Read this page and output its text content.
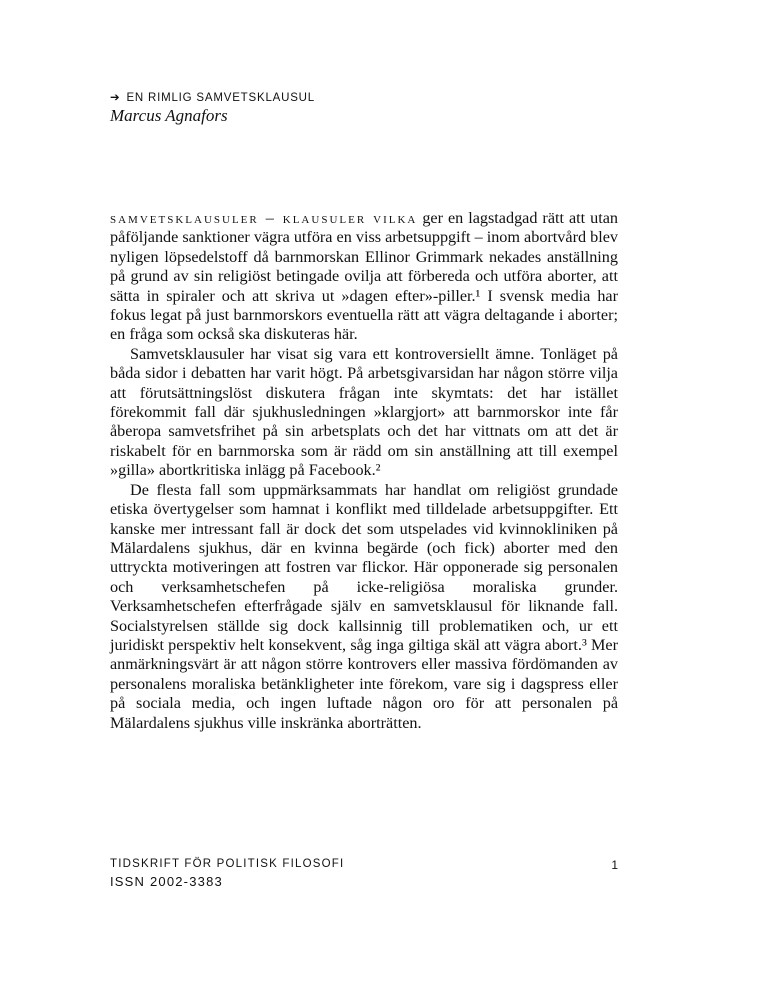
➔ EN RIMLIG SAMVETSKLAUSUL
Marcus Agnafors

samvetsklausuler – klausuler vilka ger en lagstadgad rätt att utan påföljande sanktioner vägra utföra en viss arbetsuppgift – inom abortvård blev nyligen löpsedelstoff då barnmorskan Ellinor Grimmark nekades anställning på grund av sin religiöst betingade ovilja att förbereda och utföra aborter, att sätta in spiraler och att skriva ut »dagen efter»-piller.¹ I svensk media har fokus legat på just barnmorskors eventuella rätt att vägra deltagande i aborter; en fråga som också ska diskuteras här.

Samvetsklausuler har visat sig vara ett kontroversiellt ämne. Tonläget på båda sidor i debatten har varit högt. På arbetsgivarsidan har någon större vilja att förutsättningslöst diskutera frågan inte skymtats: det har istället förekommit fall där sjukhusledningen »klargjort» att barnmorskor inte får åberopa samvetsfrihet på sin arbetsplats och det har vittnats om att det är riskabelt för en barnmorska som är rädd om sin anställning att till exempel »gilla» abortkritiska inlägg på Facebook.²

De flesta fall som uppmärksammats har handlat om religiöst grundade etiska övertygelser som hamnat i konflikt med tilldelade arbetsuppgifter. Ett kanske mer intressant fall är dock det som utspelades vid kvinnokliniken på Mälardalens sjukhus, där en kvinna begärde (och fick) aborter med den uttryckta motiveringen att fostren var flickor. Här opponerade sig personalen och verksamhetschefen på icke-religiösa moraliska grunder. Verksamhetschefen efterfrågade själv en samvetsklausul för liknande fall. Socialstyrelsen ställde sig dock kallsinnig till problematiken och, ur ett juridiskt perspektiv helt konsekvent, såg inga giltiga skäl att vägra abort.³ Mer anmärkningsvärt är att någon större kontrovers eller massiva fördömanden av personalens moraliska betänkligheter inte förekom, vare sig i dagspress eller på sociala media, och ingen luftade någon oro för att personalen på Mälardalens sjukhus ville inskränka aborträtten.

TIDSKRIFT FÖR POLITISK FILOSOFI
ISSN 2002-3383
1
